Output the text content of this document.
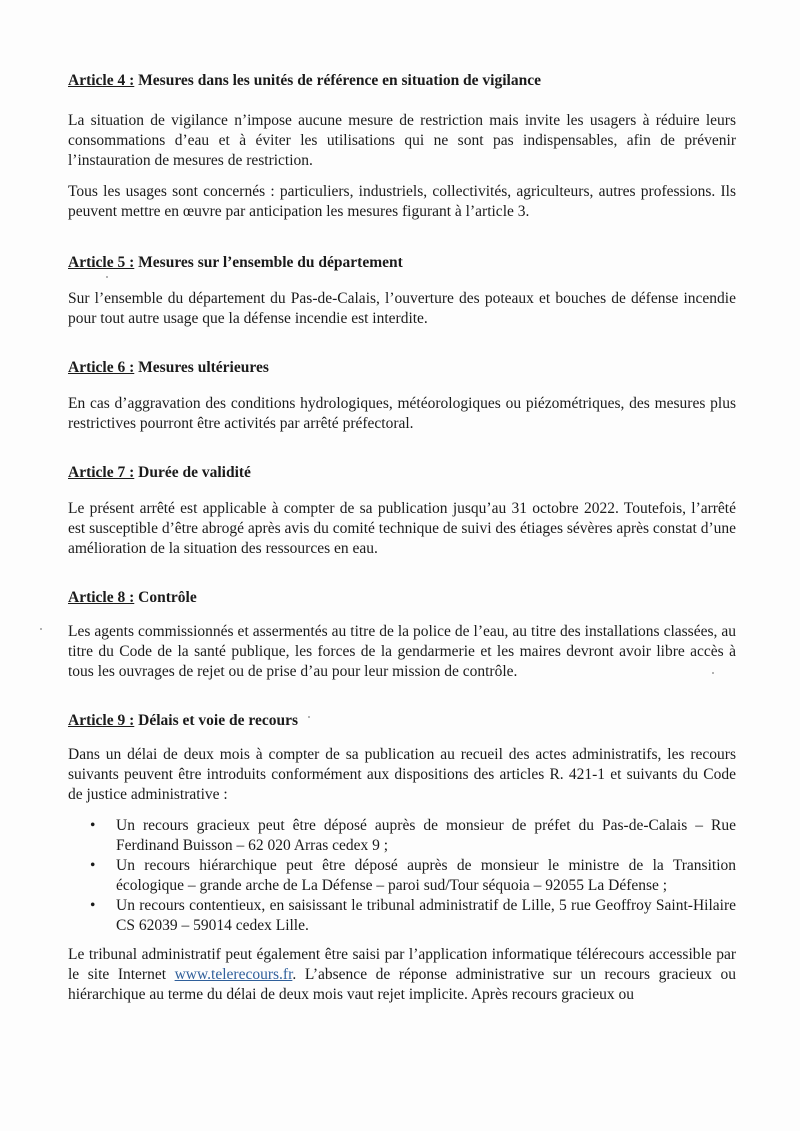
Article 4 : Mesures dans les unités de référence en situation de vigilance

La situation de vigilance n’impose aucune mesure de restriction mais invite les usagers à réduire leurs consommations d’eau et à éviter les utilisations qui ne sont pas indispensables, afin de prévenir l’instauration de mesures de restriction.

Tous les usages sont concernés : particuliers, industriels, collectivités, agriculteurs, autres professions. Ils peuvent mettre en œuvre par anticipation les mesures figurant à l’article 3.

Article 5 : Mesures sur l’ensemble du département

Sur l’ensemble du département du Pas-de-Calais, l’ouverture des poteaux et bouches de défense incendie pour tout autre usage que la défense incendie est interdite.

Article 6 : Mesures ultérieures

En cas d’aggravation des conditions hydrologiques, météorologiques ou piézométriques, des mesures plus restrictives pourront être activités par arrêté préfectoral.

Article 7 : Durée de validité

Le présent arrêté est applicable à compter de sa publication jusqu’au 31 octobre 2022. Toutefois, l’arrêté est susceptible d’être abrogé après avis du comité technique de suivi des étiages sévères après constat d’une amélioration de la situation des ressources en eau.

Article 8 : Contrôle

Les agents commissionnés et assermentés au titre de la police de l’eau, au titre des installations classées, au titre du Code de la santé publique, les forces de la gendarmerie et les maires devront avoir libre accès à tous les ouvrages de rejet ou de prise d’au pour leur mission de contrôle.

Article 9 : Délais et voie de recours

Dans un délai de deux mois à compter de sa publication au recueil des actes administratifs, les recours suivants peuvent être introduits conformément aux dispositions des articles R. 421-1 et suivants du Code de justice administrative :

• Un recours gracieux peut être déposé auprès de monsieur de préfet du Pas-de-Calais – Rue Ferdinand Buisson – 62 020 Arras cedex 9 ;
• Un recours hiérarchique peut être déposé auprès de monsieur le ministre de la Transition écologique – grande arche de La Défense – paroi sud/Tour séquoia – 92055 La Défense ;
• Un recours contentieux, en saisissant le tribunal administratif de Lille, 5 rue Geoffroy Saint-Hilaire CS 62039 – 59014 cedex Lille.

Le tribunal administratif peut également être saisi par l’application informatique télérecours accessible par le site Internet www.telerecours.fr. L’absence de réponse administrative sur un recours gracieux ou hiérarchique au terme du délai de deux mois vaut rejet implicite. Après recours gracieux ou
